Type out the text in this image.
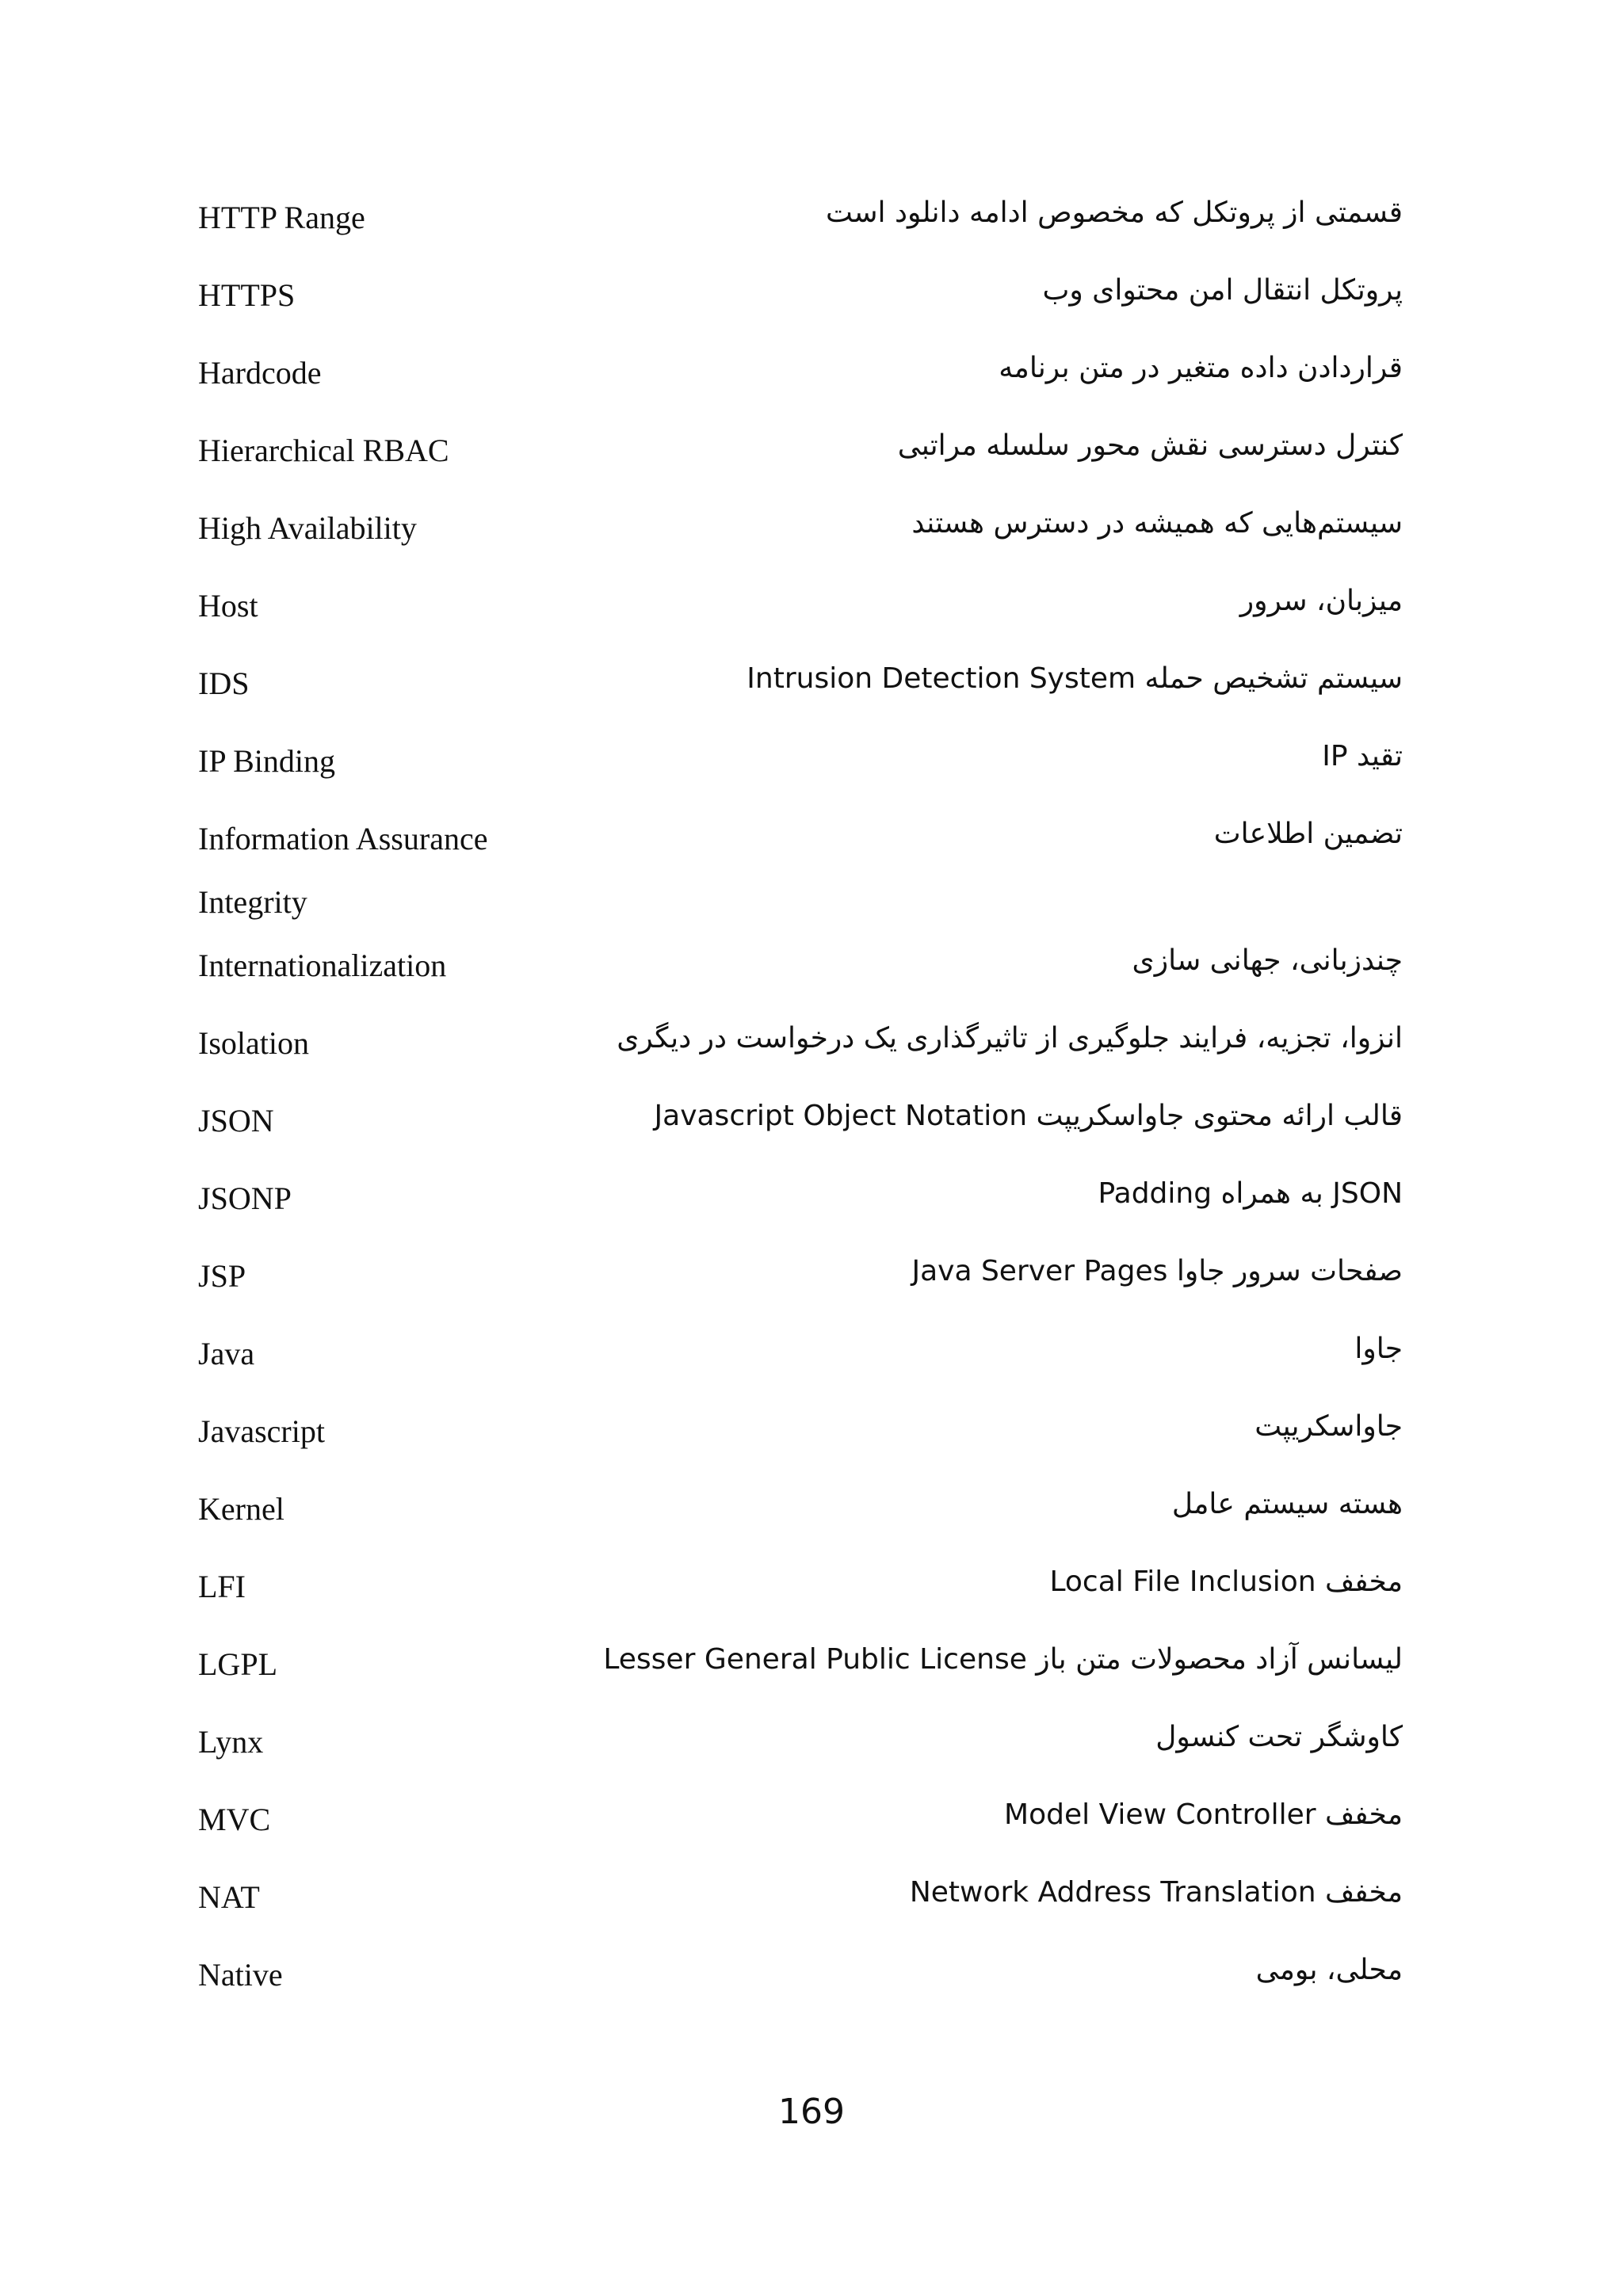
HTTP Range	قسمتی از پروتکل که مخصوص ادامه دانلود است
HTTPS	پروتکل انتقال امن محتوای وب
Hardcode	قراردادن داده متغیر در متن برنامه
Hierarchical RBAC	کنترل دسترسی نقش محور سلسله مراتبی
High Availability	سیستم‌هایی که همیشه در دسترس هستند
Host	میزبان، سرور
IDS	سیستم تشخیص حمله Intrusion Detection System
IP Binding	تقید IP
Information Assurance	تضمین اطلاعات
Integrity
Internationalization	چندزبانی، جهانی سازی
Isolation	انزوا، تجزیه، فرایند جلوگیری از تاثیرگذاری یک درخواست در دیگری
JSON	قالب ارائه محتوی جاواسکریپت Javascript Object Notation
JSONP	JSON به همراه Padding
JSP	صفحات سرور جاوا Java Server Pages
Java	جاوا
Javascript	جاواسکریپت
Kernel	هسته سیستم عامل
LFI	مخفف Local File Inclusion
LGPL	لیسانس آزاد محصولات متن باز Lesser General Public License
Lynx	کاوشگر تحت کنسول
MVC	مخفف Model View Controller
NAT	مخفف Network Address Translation
Native	محلی، بومی
169
